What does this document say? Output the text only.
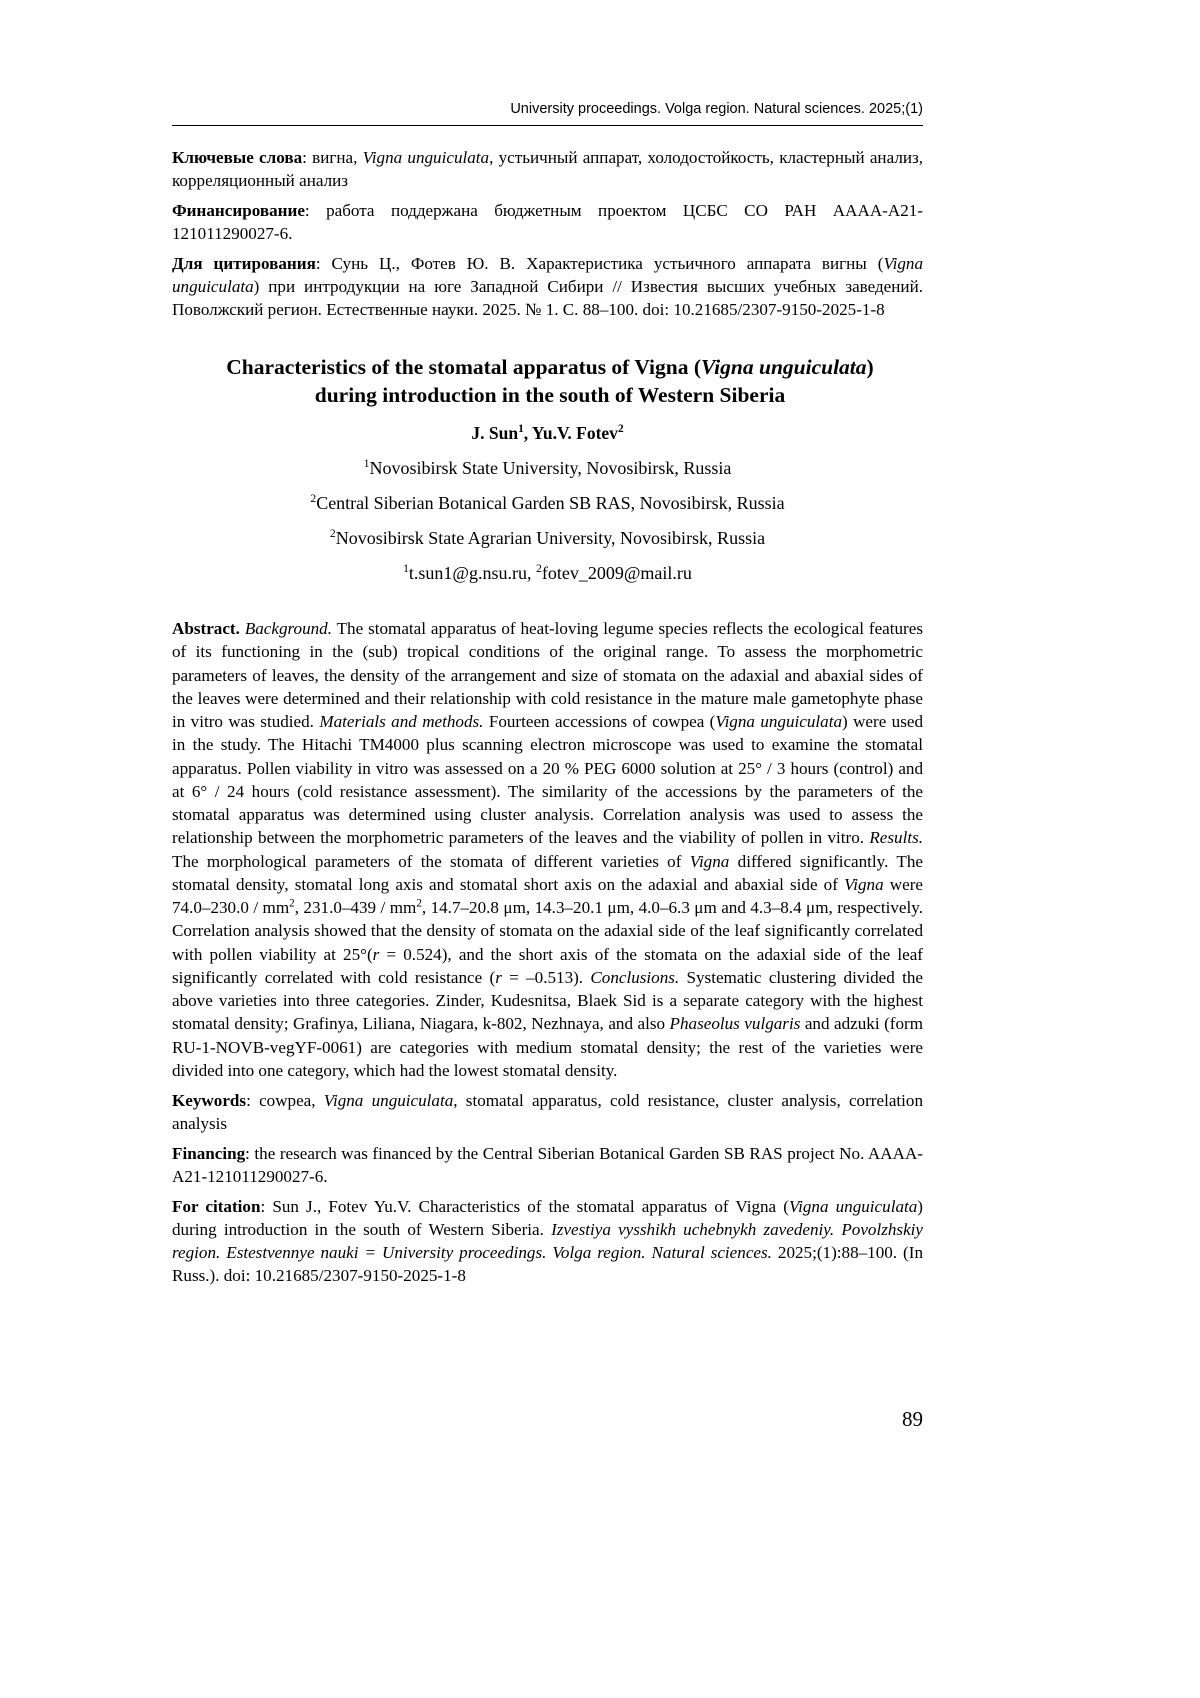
University proceedings. Volga region. Natural sciences. 2025;(1)

Ключевые слова: вигна, Vigna unguiculata, устьичный аппарат, холодостойкость, кластерный анализ, корреляционный анализ

Финансирование: работа поддержана бюджетным проектом ЦСБС СО РАН АААА-А21-121011290027-6.

Для цитирования: Сунь Ц., Фотев Ю. В. Характеристика устьичного аппарата вигны (Vigna unguiculata) при интродукции на юге Западной Сибири // Известия высших учебных заведений. Поволжский регион. Естественные науки. 2025. № 1. С. 88–100. doi: 10.21685/2307-9150-2025-1-8

Characteristics of the stomatal apparatus of Vigna (Vigna unguiculata)
during introduction in the south of Western Siberia
J. Sun1, Yu.V. Fotev2
1Novosibirsk State University, Novosibirsk, Russia
2Central Siberian Botanical Garden SB RAS, Novosibirsk, Russia
2Novosibirsk State Agrarian University, Novosibirsk, Russia
1t.sun1@g.nsu.ru, 2fotev_2009@mail.ru

Abstract. Background. The stomatal apparatus of heat-loving legume species reflects the ecological features of its functioning in the (sub) tropical conditions of the original range. To assess the morphometric parameters of leaves, the density of the arrangement and size of stomata on the adaxial and abaxial sides of the leaves were determined and their relationship with cold resistance in the mature male gametophyte phase in vitro was studied. Materials and methods. Fourteen accessions of cowpea (Vigna unguiculata) were used in the study. The Hitachi TM4000 plus scanning electron microscope was used to examine the stomatal apparatus. Pollen viability in vitro was assessed on a 20 % PEG 6000 solution at 25° / 3 hours (control) and at 6° / 24 hours (cold resistance assessment). The similarity of the accessions by the parameters of the stomatal apparatus was determined using cluster analysis. Correlation analysis was used to assess the relationship between the morphometric parameters of the leaves and the viability of pollen in vitro. Results. The morphological parameters of the stomata of different varieties of Vigna differed significantly. The stomatal density, stomatal long axis and stomatal short axis on the adaxial and abaxial side of Vigna were 74.0–230.0 / mm2, 231.0–439 / mm2, 14.7–20.8 μm, 14.3–20.1 μm, 4.0–6.3 μm and 4.3–8.4 μm, respectively. Correlation analysis showed that the density of stomata on the adaxial side of the leaf significantly correlated with pollen viability at 25°(r = 0.524), and the short axis of the stomata on the adaxial side of the leaf significantly correlated with cold resistance (r = –0.513). Conclusions. Systematic clustering divided the above varieties into three categories. Zinder, Kudesnitsa, Blaek Sid is a separate category with the highest stomatal density; Grafinya, Liliana, Niagara, k-802, Nezhnaya, and also Phaseolus vulgaris and adzuki (form RU-1-NOVB-vegYF-0061) are categories with medium stomatal density; the rest of the varieties were divided into one category, which had the lowest stomatal density.

Keywords: cowpea, Vigna unguiculata, stomatal apparatus, cold resistance, cluster analysis, correlation analysis

Financing: the research was financed by the Central Siberian Botanical Garden SB RAS project No. AAAA-A21-121011290027-6.

For citation: Sun J., Fotev Yu.V. Characteristics of the stomatal apparatus of Vigna (Vigna unguiculata) during introduction in the south of Western Siberia. Izvestiya vysshikh uchebnykh zavedeniy. Povolzhskiy region. Estestvennye nauki = University proceedings. Volga region. Natural sciences. 2025;(1):88–100. (In Russ.). doi: 10.21685/2307-9150-2025-1-8

89
